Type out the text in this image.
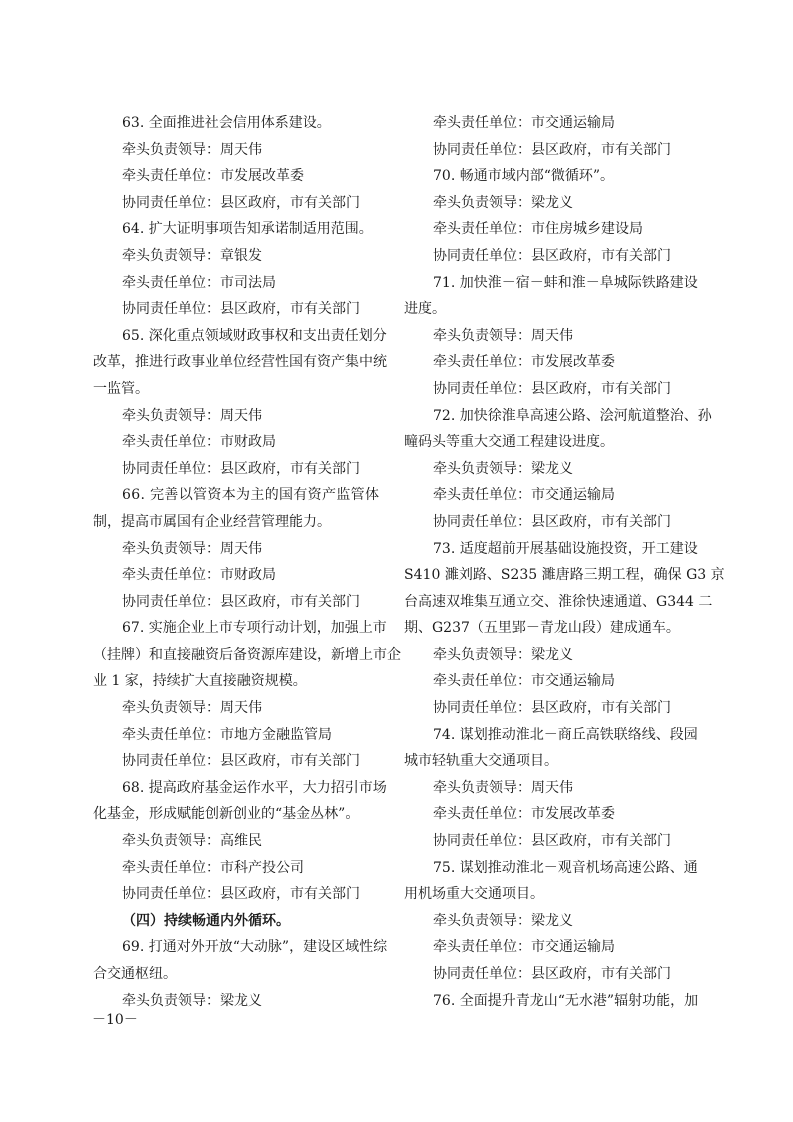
63. 全面推进社会信用体系建设。
牵头负责领导：周天伟
牵头责任单位：市发展改革委
协同责任单位：县区政府，市有关部门
64. 扩大证明事项告知承诺制适用范围。
牵头负责领导：章银发
牵头责任单位：市司法局
协同责任单位：县区政府，市有关部门
6 5 .
深 化 重 点 领 域 财 政 事 权 和 支 出 责 任 划 分
改 革 ， 推 进 行 政 事 业 单 位 经 营 性 国 有 资 产 集 中 统
一监管。
牵头负责领导：周天伟
牵头责任单位：市财政局
协同责任单位：县区政府，市有关部门
6 6 .
完 善 以 管 资 本 为 主 的 国 有 资 产 监 管 体
制，提高市属国有企业经营管理能力。
牵头负责领导：周天伟
牵头责任单位：市财政局
协同责任单位：县区政府，市有关部门
6 7 .
实 施 企 业 上 市 专 项 行 动 计 划 ， 加 强 上 市
（ 挂 牌 ） 和 直 接 融 资 后 备 资 源 库 建 设 ， 新 增 上 市 企
业 1 家，持续扩大直接融资规模。
牵头负责领导：周天伟
牵头责任单位：市地方金融监管局
协同责任单位：县区政府，市有关部门
6 8 .
提 高 政 府 基 金 运 作 水 平 ， 大 力 招 引 市 场
化基金，形成赋能创新创业的“基金丛林”。
牵头负责领导：高维民
牵头责任单位：市科产投公司
协同责任单位：县区政府，市有关部门
（四）持续畅通内外循环。
6 9 .
打 通 对 外 开 放 “ 大 动 脉 ” ， 建 设 区 域 性 综
合交通枢纽。
牵头负责领导：梁龙义
牵头责任单位：市交通运输局
协同责任单位：县区政府，市有关部门
70. 畅通市域内部“微循环”。
牵头负责领导：梁龙义
牵头责任单位：市住房城乡建设局
协同责任单位：县区政府，市有关部门
7 1 .
加 快 淮 － 宿 － 蚌 和 淮 － 阜 城 际 铁 路 建 设
进度。
牵头负责领导：周天伟
牵头责任单位：市发展改革委
协同责任单位：县区政府，市有关部门
7 2 .
加 快 徐 淮 阜 高 速 公 路 、 浍 河 航 道 整 治 、 孙
疃码头等重大交通工程建设进度。
牵头负责领导：梁龙义
牵头责任单位：市交通运输局
协同责任单位：县区政府，市有关部门
7 3 .
适 度 超 前 开 展 基 础 设 施 投 资 ， 开 工 建 设
S 4 1 0
濉 刘 路 、 S 2 3 5
濉 唐 路 三 期 工 程 ， 确 保
G 3
京
台 高 速 双 堆 集 互 通 立 交 、 淮 徐 快 速 通 道 、 G 3 4 4
二
期、G237（五里郢－青龙山段）建成通车。
牵头负责领导：梁龙义
牵头责任单位：市交通运输局
协同责任单位：县区政府，市有关部门
7 4 .
谋 划 推 动 淮 北 － 商 丘 高 铁 联 络 线 、 段 园
城市轻轨重大交通项目。
牵头负责领导：周天伟
牵头责任单位：市发展改革委
协同责任单位：县区政府，市有关部门
7 5 .
谋 划 推 动 淮 北 － 观 音 机 场 高 速 公 路 、 通
用机场重大交通项目。
牵头负责领导：梁龙义
牵头责任单位：市交通运输局
协同责任单位：县区政府，市有关部门
7 6 .
全 面 提 升 青 龙 山 “ 无 水 港 ” 辐 射 功 能 ， 加
－10－
